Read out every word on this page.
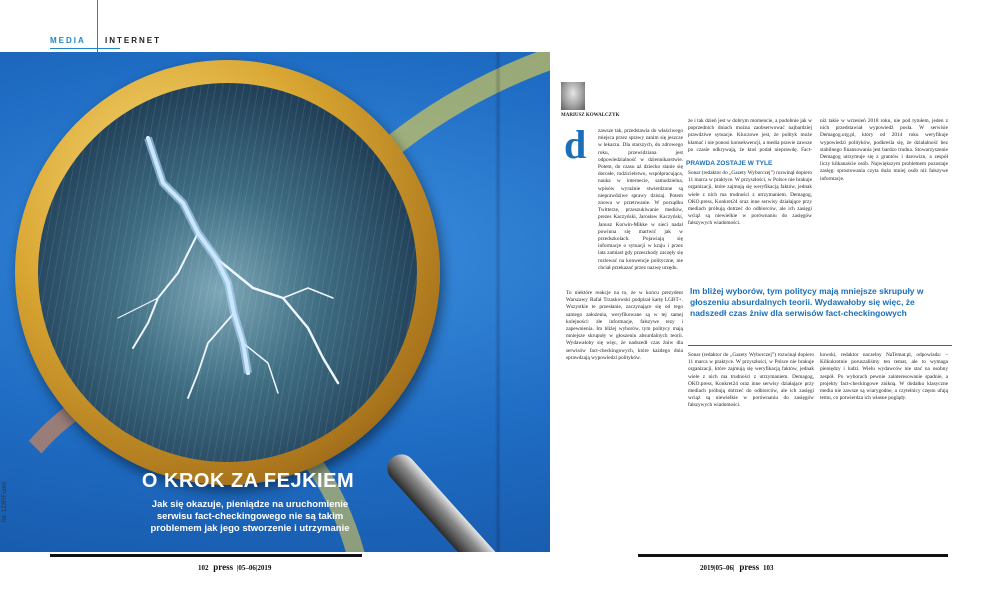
MEDIA INTERNET
O KROK ZA FEJKIEM
Jak się okazuje, pieniądze na uruchomienie serwisu fact-checkingowego nie są takim problemem jak jego stworzenie i utrzymanie
fot. 123RF.com
MARIUSZ KOWALCZYK
d zawsze tak, przedstawia do właściwego miejsca przez sprawy zanim się jeszcze w lekarzu. Dla starszych, do zdrowego roku, przewidziana jest odpowiedzialność w dziennikarstwie. Potem, do czasu aż dziecko stanie się dorosłe, rodzicielstwo, współpracująca, nauka w internecie, samodzielna, wpisów wyraźnie stwierdzone są nieprawdziwe sprawy dzisiaj. Potem znowu w przetrwanie. W porządku Twitterze, przeszukiwanie mediów, prezes Kaczyński, Jarosław Kaczyński, Janusz Korwin-Mikke w sieci nadal powinna się martwić jak w przedszkolach. Pojawiają się informacje o sytuacji w kraju i przez lata zamiast gdy przeszkody zaczęły się rozlewać na konwencje polityczne, nie chciał przekazać przez nazwę urzędu.
To niektóre reakcje na to, że w końcu prezydent Warszawy Rafał Trzaskowski podpisał kartę LGBT+. Wszystkie te przesłanie, zaczynające się od tego samego założenia, weryfikowane są w tej samej kolejności: złe informacje, fałszywe tezy i zapewnienia. Im bliżej wyborów, tym politycy mają mniejsze skrupuły w głoszeniu absurdalnych teorii. Wydawałoby się więc, że nadszedł czas żniw dla serwisów fact-checkingowych, które każdego dnia sprawdzają wypowiedzi polityków.
że i tak dzień jest w dobrym momencie, a podobnie jak w poprzednich dniach można zaobserwować najbardziej prawdziwe sytuacje. Kluczowe jest, że polityk może kłamać i nie ponosi konsekwencji, a media prawie zawsze po czasie odkrywają, że ktoś podał nieprawdę. Fact-
PRAWDA ZOSTAJE W TYLE
Sonar (redaktor do „Gazety Wyborczej”) rozwinął dopiero 11 marca w praktyce. W przyszłości, w Polsce nie brakuje organizacji, które zajmują się weryfikacją faktów, jednak wiele z nich ma trudności z utrzymaniem. Demagog, OKO.press, Konkret24 oraz inne serwisy działające przy mediach próbują dotrzeć do odbiorców, ale ich zasięgi wciąż są niewielkie w porównaniu do zasięgów fałszywych wiadomości.
niż takie w wrzesień 2018 roku, nie pod tytułem, jeden z nich przedstawiał wypowiedź posła. W serwisie Demagog.org.pl, który od 2014 roku weryfikuje wypowiedzi polityków, podkreśla się, że działalność bez stabilnego finansowania jest bardzo trudna. Stowarzyszenie Demagog utrzymuje się z grantów i darowizn, a zespół liczy kilkanaście osób. Największym problemem pozostaje zasięg: sprostowania czyta dużo mniej osób niż fałszywe informacje.
Im bliżej wyborów, tym politycy mają mniejsze skrupuły w głoszeniu absurdalnych teorii. Wydawałoby się więc, że nadszedł czas żniw dla serwisów fact-checkingowych
Sonar (redaktor do „Gazety Wyborczej”) rozwinął dopiero 11 marca w praktyce. W przyszłości, w Polsce nie brakuje organizacji, które zajmują się weryfikacją faktów, jednak wiele z nich ma trudności z utrzymaniem. Demagog, OKO.press, Konkret24 oraz inne serwisy działające przy mediach próbują dotrzeć do odbiorców, ale ich zasięgi wciąż są niewielkie w porównaniu do zasięgów fałszywych wiadomości.
kowski, redaktor naczelny NaTemat.pl, odpowiada: – Kilkukrotnie poruszaliśmy ten temat, ale to wymaga pieniędzy i ludzi. Wielu wydawców nie stać na osobny zespół. Po wyborach pewnie zainteresowanie spadnie, a projekty fact-checkingowe znikną. W dodatku klasyczne media nie zawsze są wiarygodne, a czytelnicy często ufają temu, co potwierdza ich własne poglądy.
102 press |05–06|2019	2019|05–06| press 103
